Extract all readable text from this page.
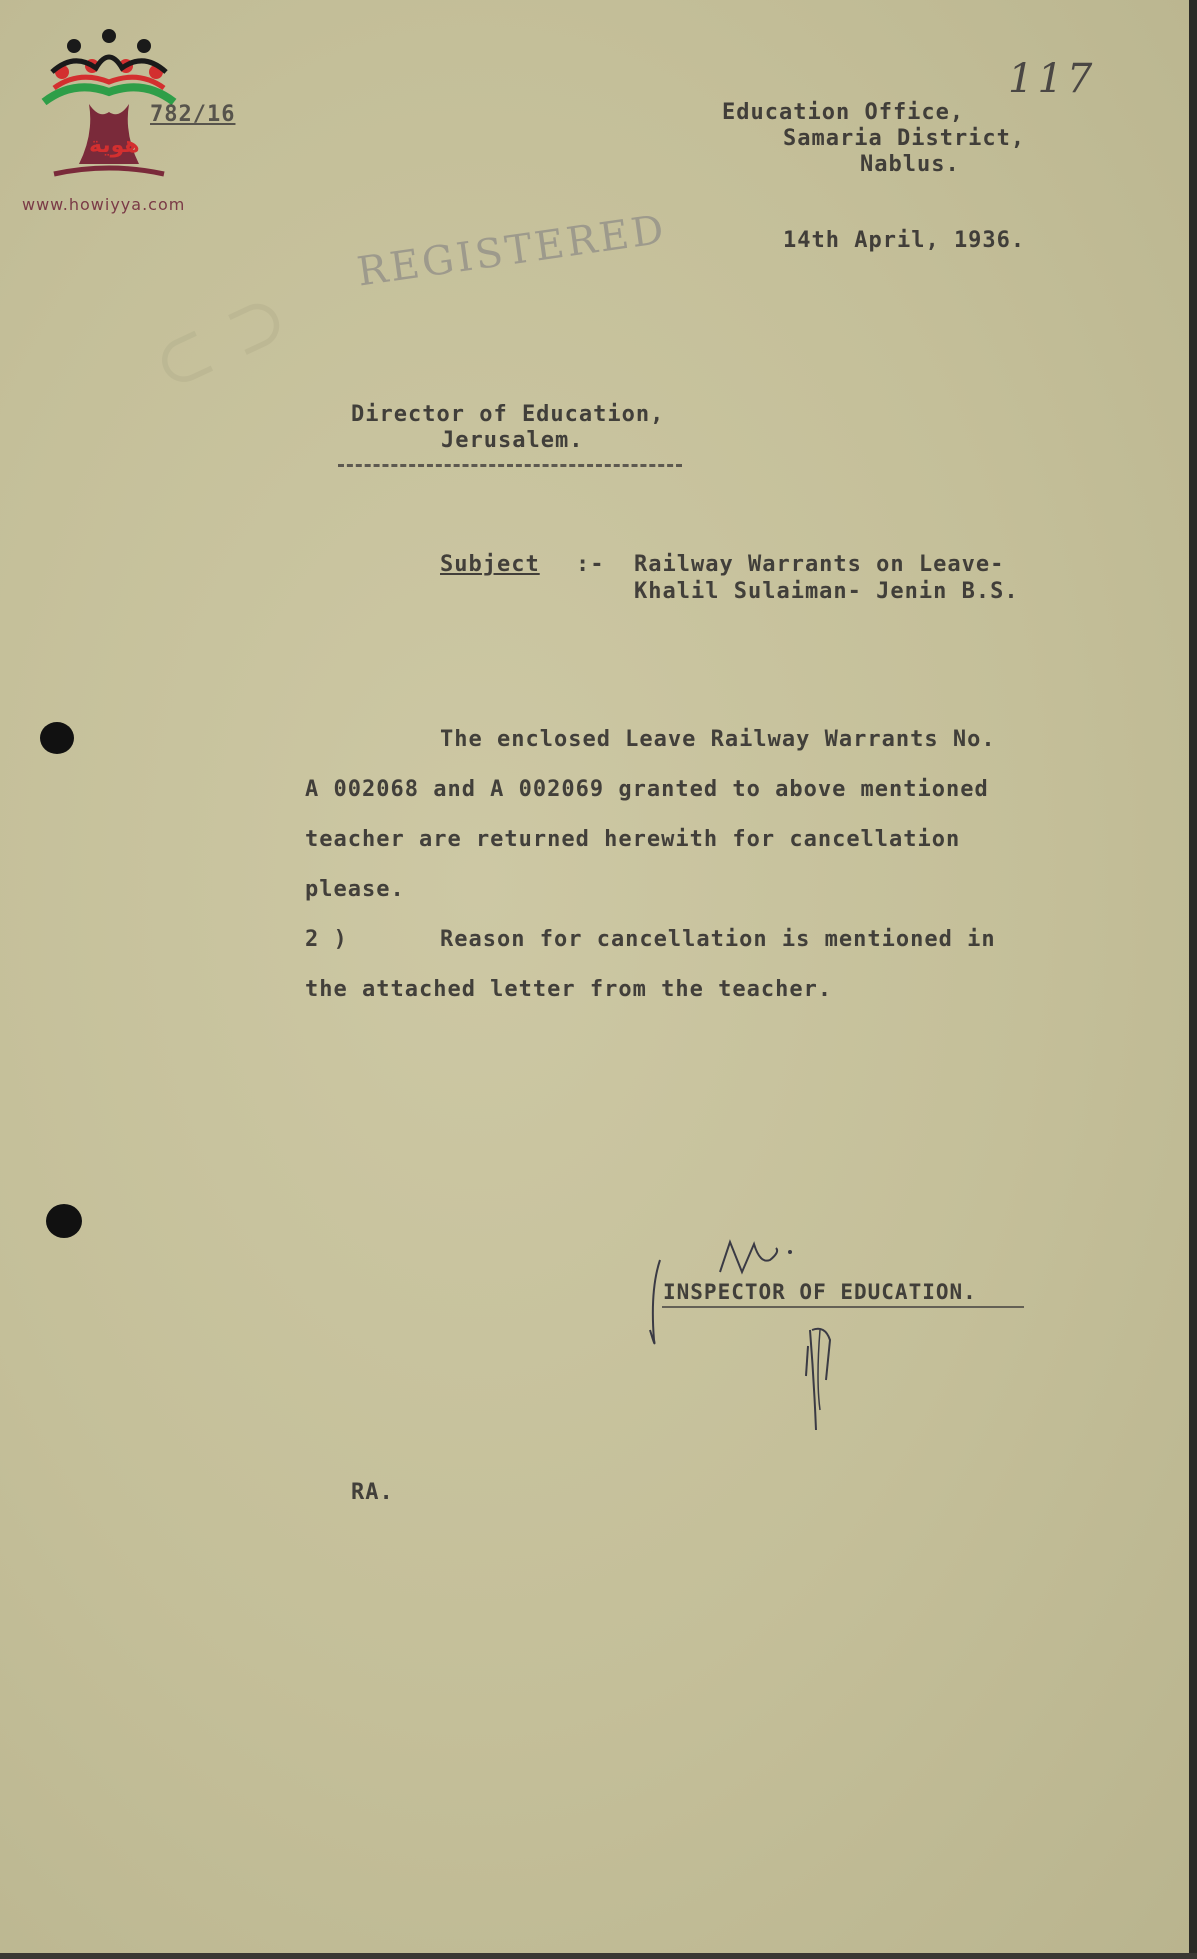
⊂ ⊃
هوية
www.howiyya.com
782/16
117
Education Office,
Samaria District,
Nablus.
14th April, 1936.
REGISTERED
Director of Education,
Jerusalem.
Subject :- Railway Warrants on Leave-
Khalil Sulaiman- Jenin B.S.
The enclosed Leave Railway Warrants No.
A 002068 and A 002069 granted to above mentioned
teacher are returned herewith for cancellation
please.
2 )	Reason for cancellation is mentioned in
the attached letter from the teacher.
INSPECTOR OF EDUCATION.
RA.
